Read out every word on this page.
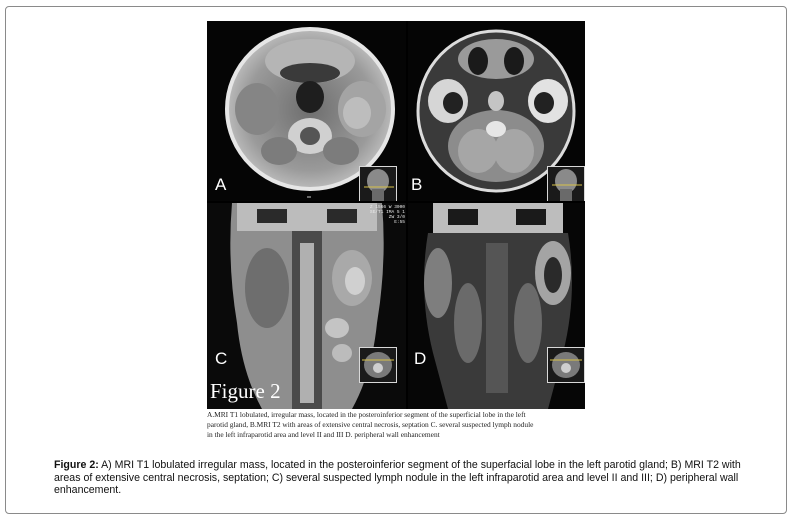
A	B
Z 1566 W 3000
SE/T1 IMA 5 1
ZW 3/0
E:55
C
Figure 2
D
A.MRI T1 lobulated, irregular mass, located in the posteroinferior segment of the superficial lobe in the left
parotid gland, B.MRI T2 with areas of extensive central necrosis, septation C. several suspected lymph nodule
in the left infraparotid area and level II and III D. peripheral wall enhancement
Figure 2: A) MRI T1 lobulated irregular mass, located in the posteroinferior segment of the superfacial lobe in the left parotid gland; B) MRI T2 with areas of extensive central necrosis, septation; C) several suspected lymph nodule in the left infraparotid area and level II and III; D) peripheral wall enhancement.
